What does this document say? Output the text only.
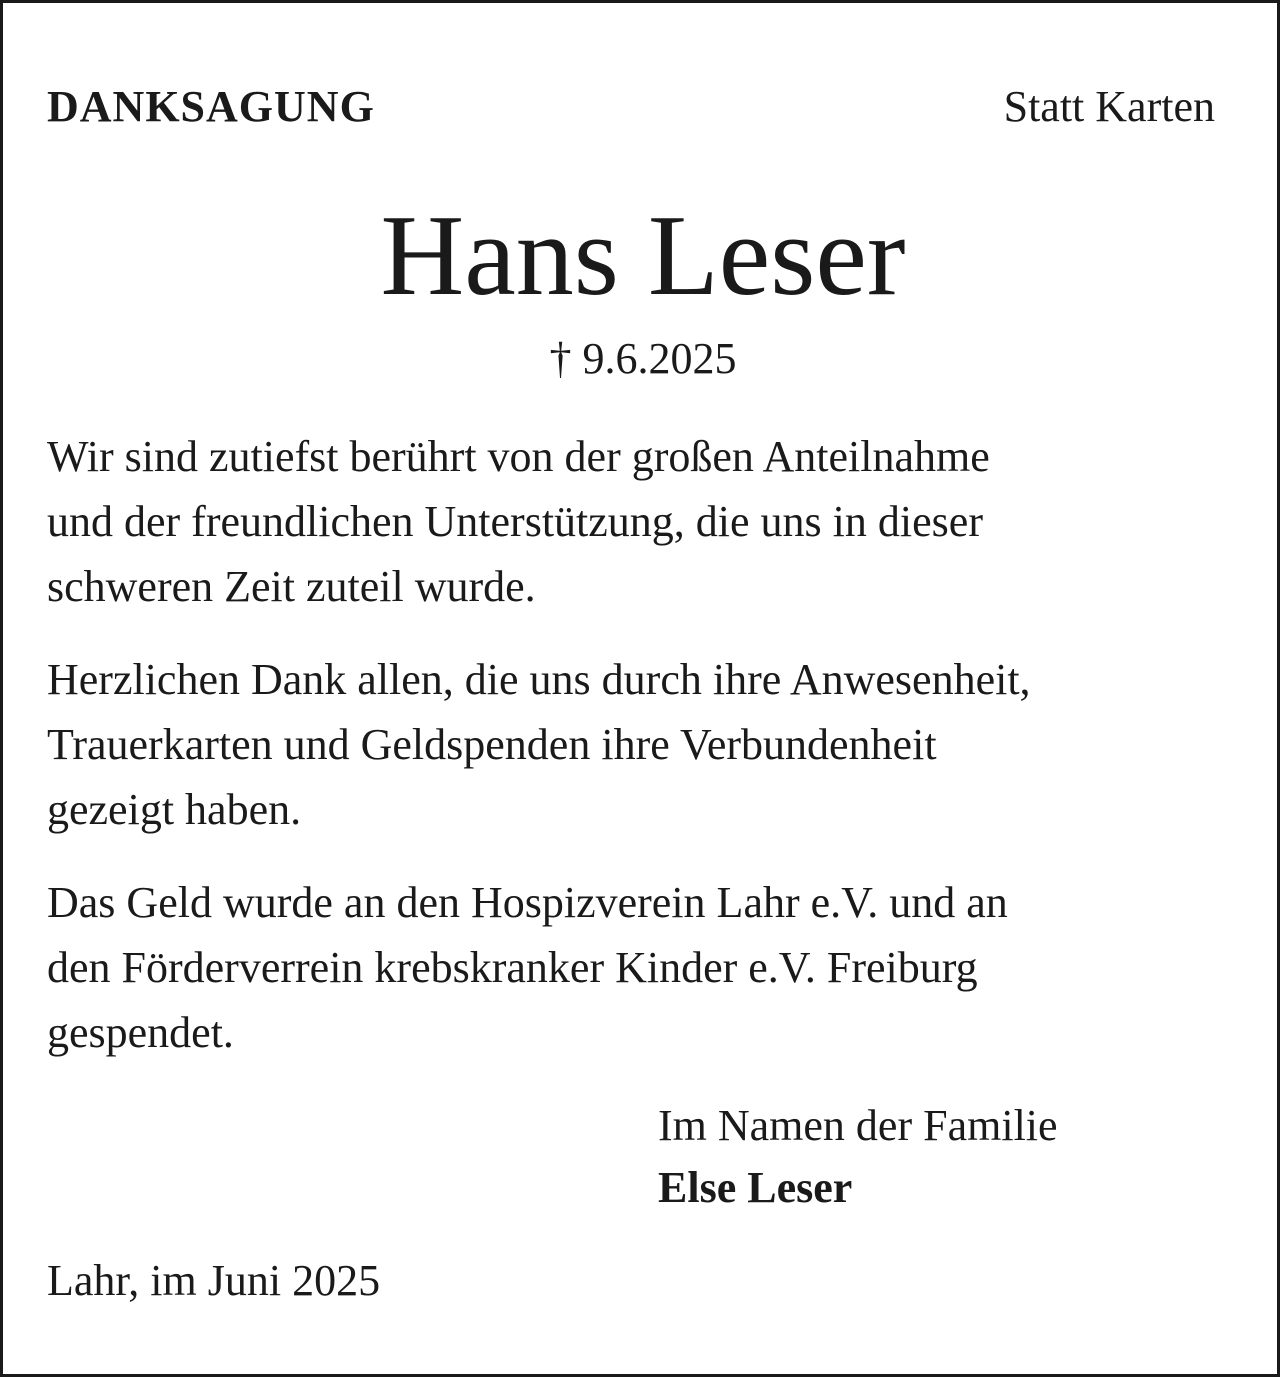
DANKSAGUNG	Statt Karten
Hans Leser
† 9.6.2025

Wir sind zutiefst berührt von der großen Anteilnahme
und der freundlichen Unterstützung, die uns in dieser
schweren Zeit zuteil wurde.

Herzlichen Dank allen, die uns durch ihre Anwesenheit,
Trauerkarten und Geldspenden ihre Verbundenheit
gezeigt haben.

Das Geld wurde an den Hospizverein Lahr e.V. und an
den Förderverrein krebskranker Kinder e.V. Freiburg
gespendet.

Im Namen der Familie
Else Leser
Lahr, im Juni 2025
